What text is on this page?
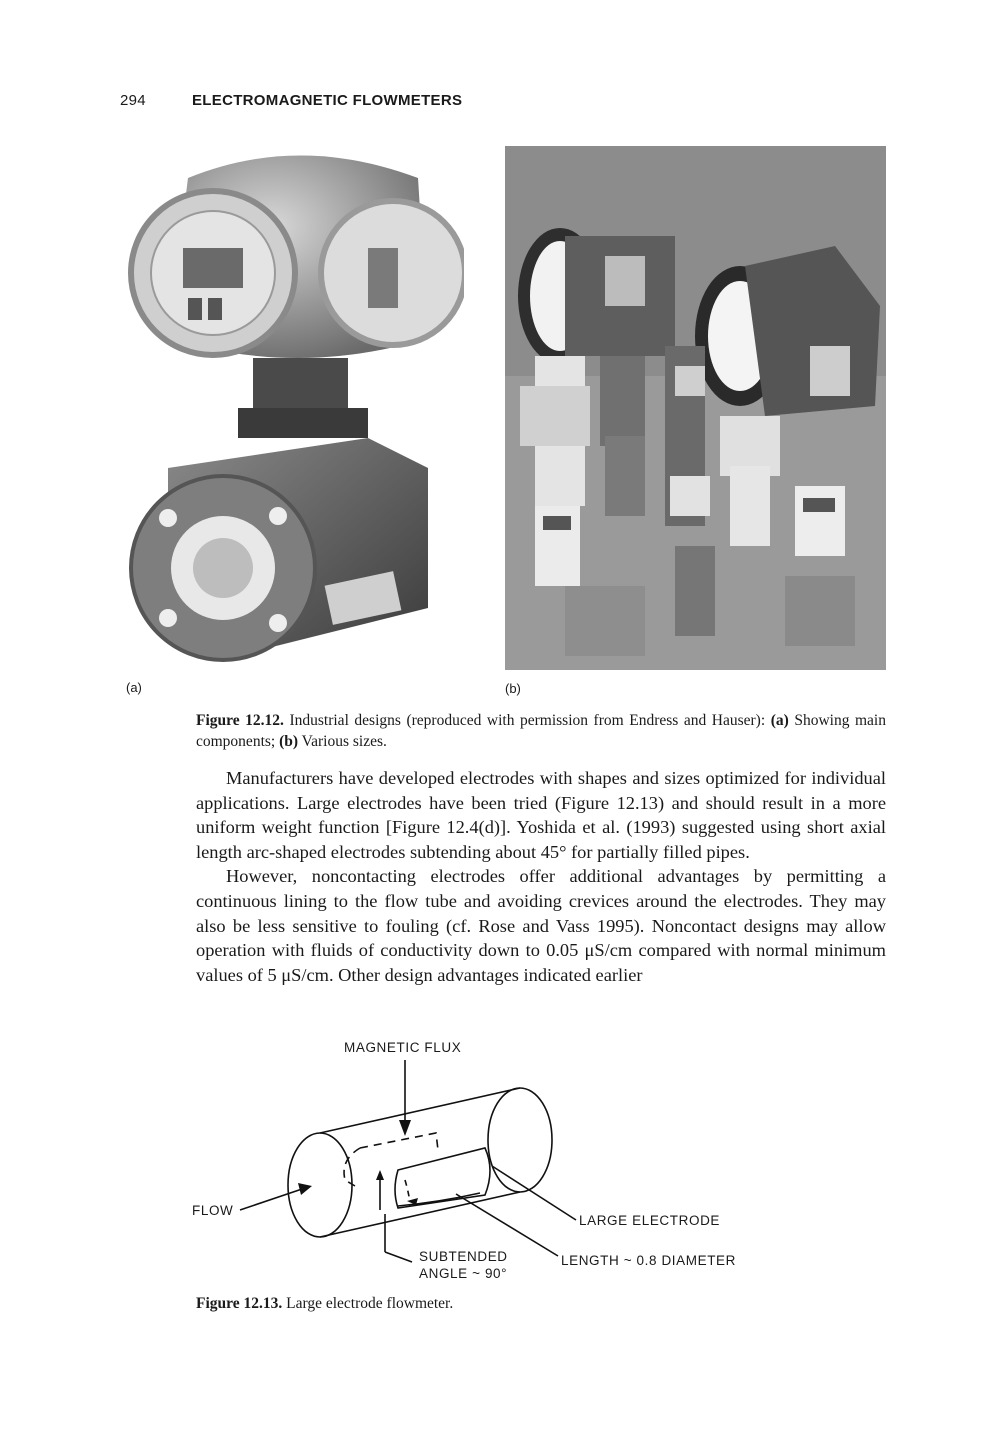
294	ELECTROMAGNETIC FLOWMETERS
(a)	(b)
Figure 12.12. Industrial designs (reproduced with permission from Endress and Hauser): (a) Showing main components; (b) Various sizes.

Manufacturers have developed electrodes with shapes and sizes optimized for individual applications. Large electrodes have been tried (Figure 12.13) and should result in a more uniform weight function [Figure 12.4(d)]. Yoshida et al. (1993) suggested using short axial length arc-shaped electrodes subtending about 45° for partially filled pipes.

However, noncontacting electrodes offer additional advantages by permitting a continuous lining to the flow tube and avoiding crevices around the electrodes. They may also be less sensitive to fouling (cf. Rose and Vass 1995). Noncontact designs may allow operation with fluids of conductivity down to 0.05 μS/cm compared with normal minimum values of 5 μS/cm. Other design advantages indicated earlier

MAGNETIC FLUX
FLOW
LARGE ELECTRODE
LENGTH ~ 0.8 DIAMETER
SUBTENDED
ANGLE ~ 90°
Figure 12.13. Large electrode flowmeter.
